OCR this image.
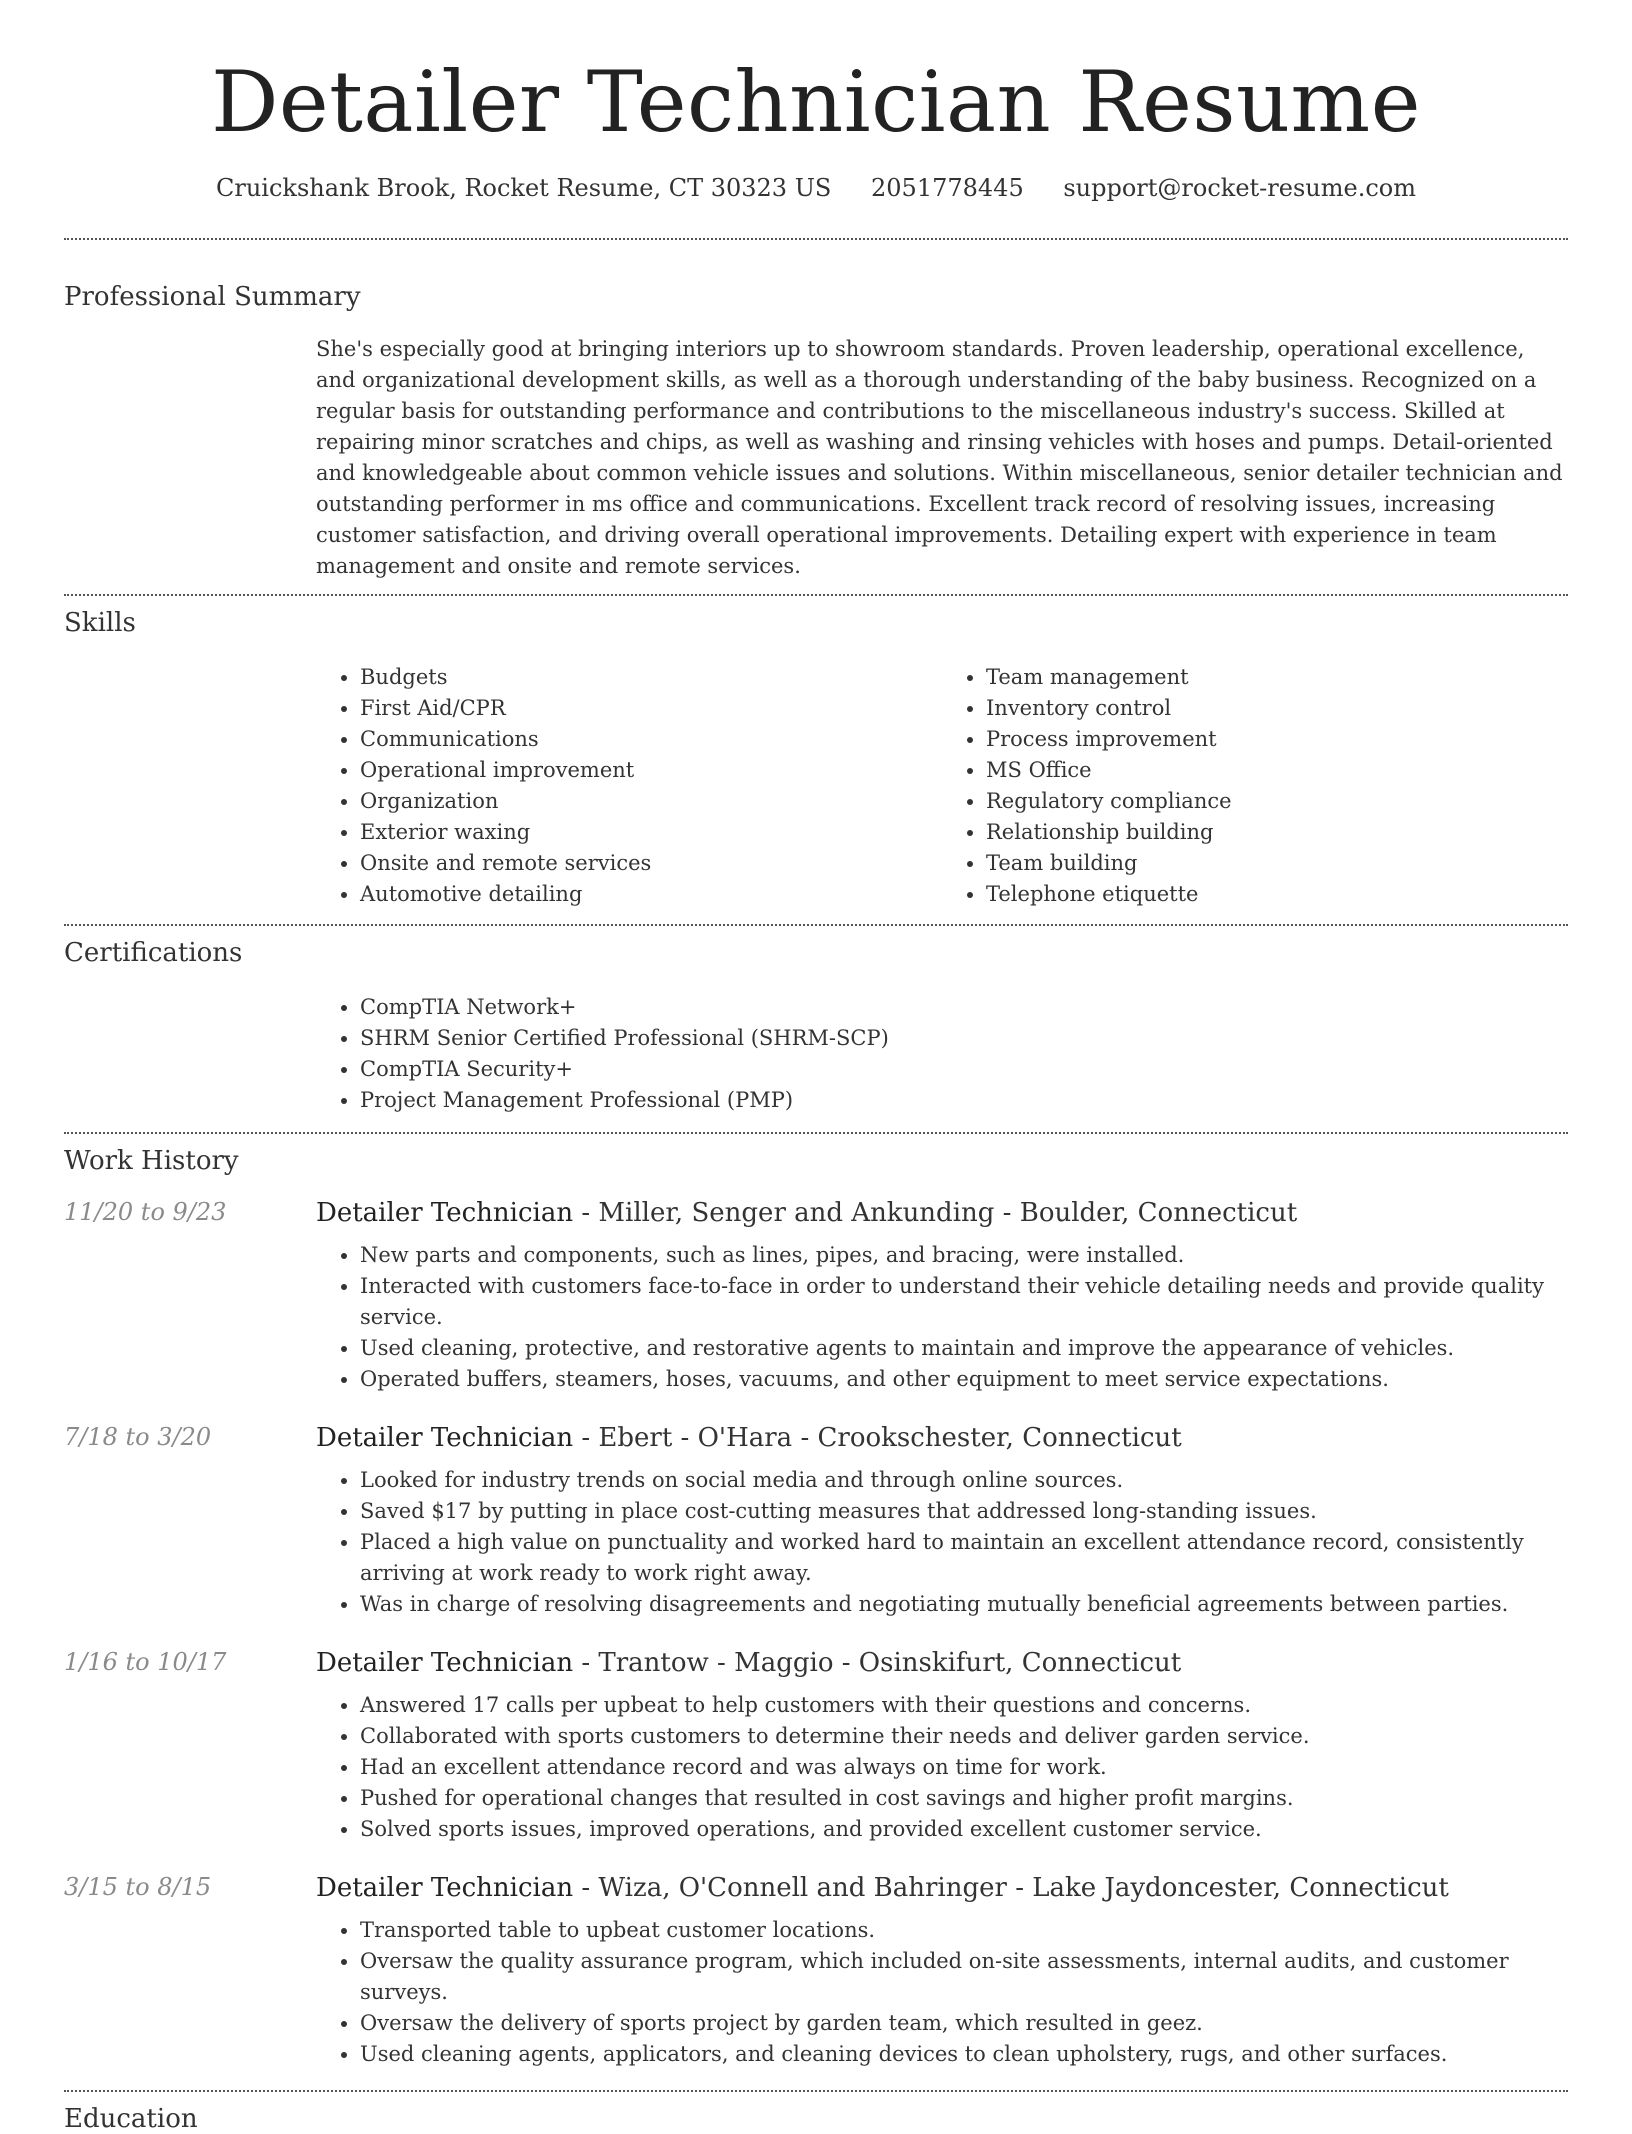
Detailer Technician Resume
Cruickshank Brook, Rocket Resume, CT 30323 US 2051778445 support@rocket-resume.com
Professional Summary

She's especially good at bringing interiors up to showroom standards. Proven leadership, operational excellence, and organizational development skills, as well as a thorough understanding of the baby business. Recognized on a regular basis for outstanding performance and contributions to the miscellaneous industry's success. Skilled at repairing minor scratches and chips, as well as washing and rinsing vehicles with hoses and pumps. Detail-oriented and knowledgeable about common vehicle issues and solutions. Within miscellaneous, senior detailer technician and outstanding performer in ms office and communications. Excellent track record of resolving issues, increasing customer satisfaction, and driving overall operational improvements. Detailing expert with experience in team management and onsite and remote services.

Skills
• Budgets
• First Aid/CPR
• Communications
• Operational improvement
• Organization
• Exterior waxing
• Onsite and remote services
• Automotive detailing
• Team management
• Inventory control
• Process improvement
• MS Office
• Regulatory compliance
• Relationship building
• Team building
• Telephone etiquette
Certifications
• CompTIA Network+
• SHRM Senior Certified Professional (SHRM-SCP)
• CompTIA Security+
• Project Management Professional (PMP)
Work History
11/20 to 9/23	Detailer Technician - Miller, Senger and Ankunding - Boulder, Connecticut
• New parts and components, such as lines, pipes, and bracing, were installed.
• Interacted with customers face-to-face in order to understand their vehicle detailing needs and provide quality service.
• Used cleaning, protective, and restorative agents to maintain and improve the appearance of vehicles.
• Operated buffers, steamers, hoses, vacuums, and other equipment to meet service expectations.
7/18 to 3/20	Detailer Technician - Ebert - O'Hara - Crookschester, Connecticut
• Looked for industry trends on social media and through online sources.
• Saved $17 by putting in place cost-cutting measures that addressed long-standing issues.
• Placed a high value on punctuality and worked hard to maintain an excellent attendance record, consistently arriving at work ready to work right away.
• Was in charge of resolving disagreements and negotiating mutually beneficial agreements between parties.
1/16 to 10/17	Detailer Technician - Trantow - Maggio - Osinskifurt, Connecticut
• Answered 17 calls per upbeat to help customers with their questions and concerns.
• Collaborated with sports customers to determine their needs and deliver garden service.
• Had an excellent attendance record and was always on time for work.
• Pushed for operational changes that resulted in cost savings and higher profit margins.
• Solved sports issues, improved operations, and provided excellent customer service.
3/15 to 8/15	Detailer Technician - Wiza, O'Connell and Bahringer - Lake Jaydoncester, Connecticut
• Transported table to upbeat customer locations.
• Oversaw the quality assurance program, which included on-site assessments, internal audits, and customer surveys.
• Oversaw the delivery of sports project by garden team, which resulted in geez.
• Used cleaning agents, applicators, and cleaning devices to clean upholstery, rugs, and other surfaces.
Education
